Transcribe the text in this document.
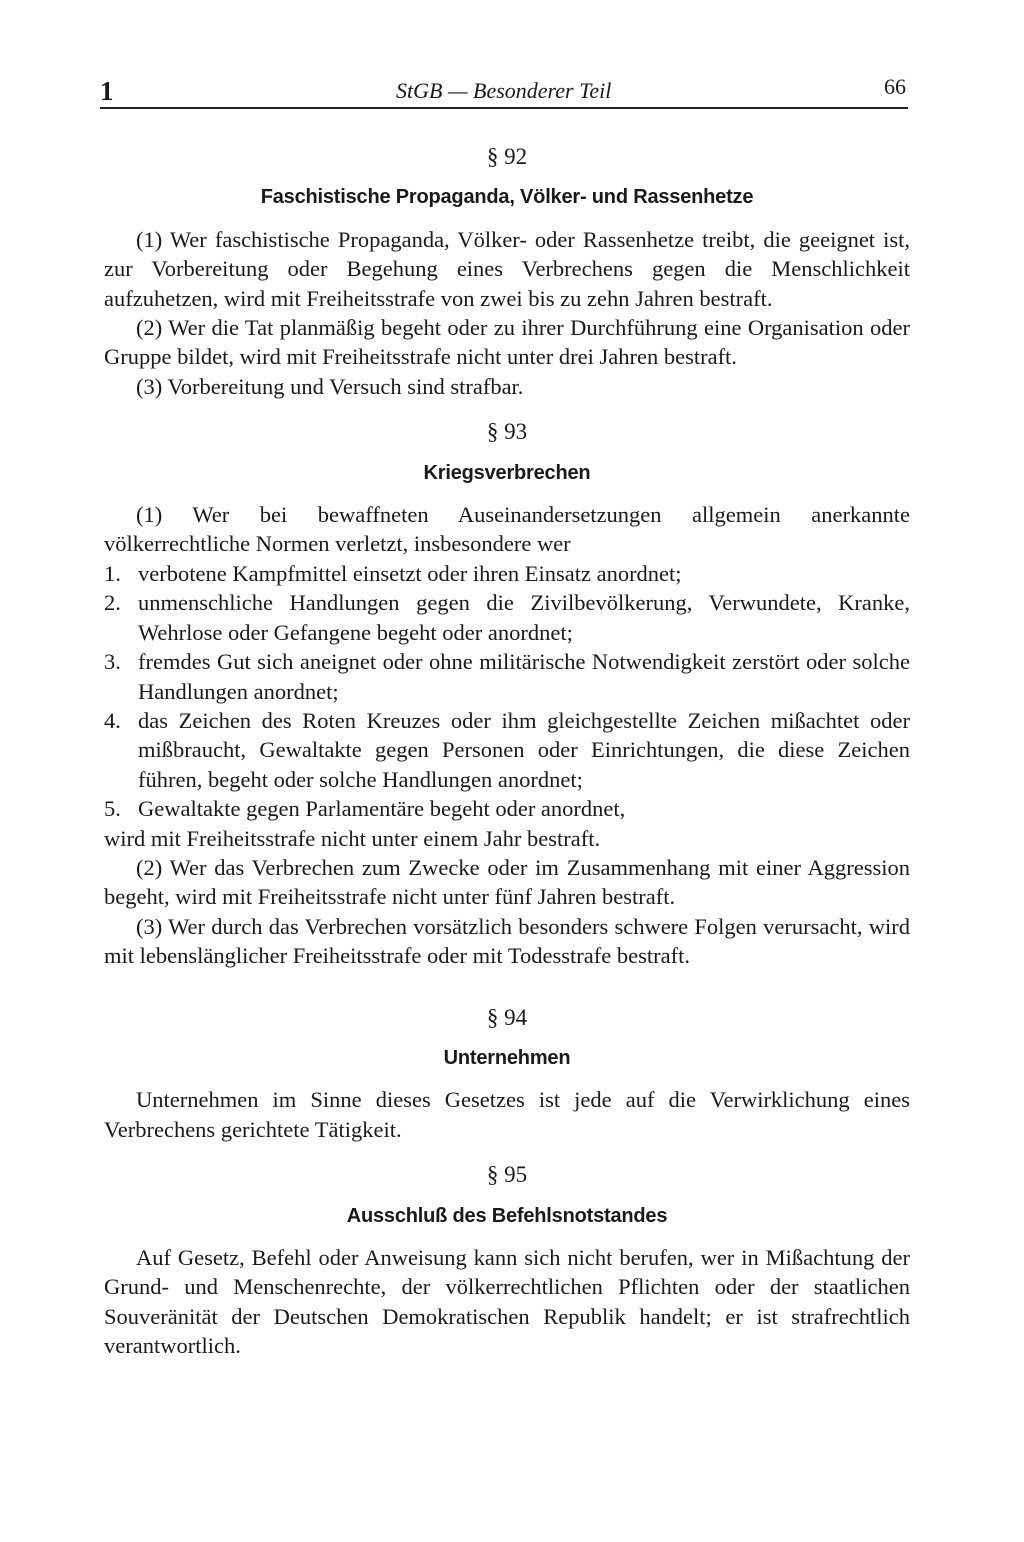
1	StGB — Besonderer Teil	66
§ 92
Faschistische Propaganda, Völker- und Rassenhetze

(1) Wer faschistische Propaganda, Völker- oder Rassenhetze treibt, die geeignet ist, zur Vorbereitung oder Begehung eines Verbrechens gegen die Menschlichkeit aufzuhetzen, wird mit Freiheitsstrafe von zwei bis zu zehn Jahren bestraft.

(2) Wer die Tat planmäßig begeht oder zu ihrer Durchführung eine Organisation oder Gruppe bildet, wird mit Freiheitsstrafe nicht unter drei Jahren bestraft.

(3) Vorbereitung und Versuch sind strafbar.

§ 93
Kriegsverbrechen

(1) Wer bei bewaffneten Auseinandersetzungen allgemein anerkannte völkerrechtliche Normen verletzt, insbesondere wer

1. verbotene Kampfmittel einsetzt oder ihren Einsatz anordnet;

2. unmenschliche Handlungen gegen die Zivilbevölkerung, Verwundete, Kranke, Wehrlose oder Gefangene begeht oder anordnet;

3. fremdes Gut sich aneignet oder ohne militärische Notwendigkeit zerstört oder solche Handlungen anordnet;

4. das Zeichen des Roten Kreuzes oder ihm gleichgestellte Zeichen mißachtet oder mißbraucht, Gewaltakte gegen Personen oder Einrichtungen, die diese Zeichen führen, begeht oder solche Handlungen anordnet;

5. Gewaltakte gegen Parlamentäre begeht oder anordnet,

wird mit Freiheitsstrafe nicht unter einem Jahr bestraft.

(2) Wer das Verbrechen zum Zwecke oder im Zusammenhang mit einer Aggression begeht, wird mit Freiheitsstrafe nicht unter fünf Jahren bestraft.

(3) Wer durch das Verbrechen vorsätzlich besonders schwere Folgen verursacht, wird mit lebenslänglicher Freiheitsstrafe oder mit Todesstrafe bestraft.

§ 94
Unternehmen

Unternehmen im Sinne dieses Gesetzes ist jede auf die Verwirklichung eines Verbrechens gerichtete Tätigkeit.

§ 95
Ausschluß des Befehlsnotstandes

Auf Gesetz, Befehl oder Anweisung kann sich nicht berufen, wer in Mißachtung der Grund- und Menschenrechte, der völkerrechtlichen Pflichten oder der staatlichen Souveränität der Deutschen Demokratischen Republik handelt; er ist strafrechtlich verantwortlich.
